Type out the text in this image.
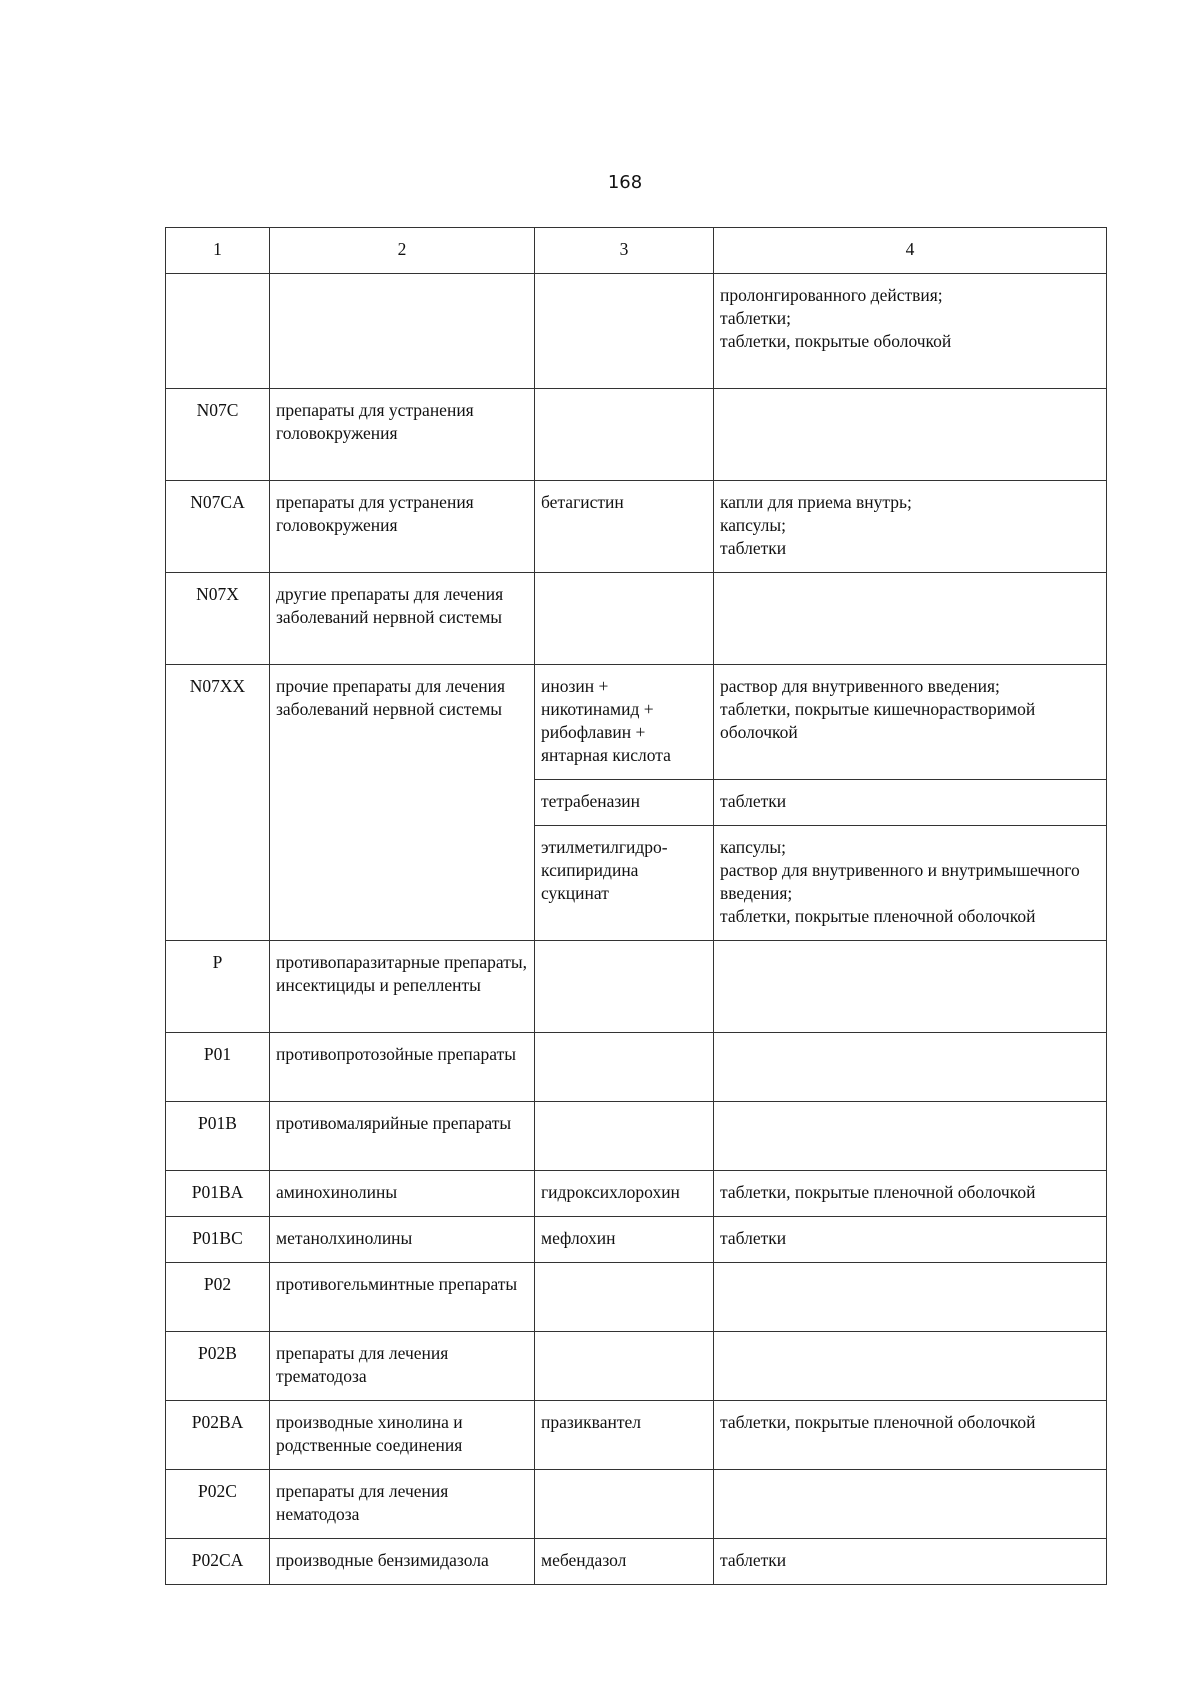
168
1	2	3	4

			пролонгированного действия;
таблетки;
таблетки, покрытые оболочкой

N07C	препараты для устранения головокружения		
N07CA	препараты для устранения головокружения	бетагистин	капли для приема внутрь;
капсулы;
таблетки

N07X	другие препараты для лечения заболеваний нервной системы		
N07XX	прочие препараты для лечения заболеваний нервной системы	инозин + никотинамид + рибофлавин + янтарная кислота	раствор для внутривенного введения;
таблетки, покрытые кишечнорастворимой оболочкой

		тетрабеназин	таблетки

		этилметилгидро-ксипиридина сукцинат	капсулы;
раствор для внутривенного и внутримышечного введения;
таблетки, покрытые пленочной оболочкой

P	противопаразитарные препараты, инсектициды и репелленты		
P01	противопротозойные препараты		
P01B	противомалярийные препараты		
P01BA	аминохинолины	гидроксихлорохин	таблетки, покрытые пленочной оболочкой

P01BC	метанолхинолины	мефлохин	таблетки

P02	противогельминтные препараты		
P02B	препараты для лечения трематодоза		
P02BA	производные хинолина и родственные соединения	празиквантел	таблетки, покрытые пленочной оболочкой

P02C	препараты для лечения нематодоза		
P02CA	производные бензимидазола	мебендазол	таблетки
